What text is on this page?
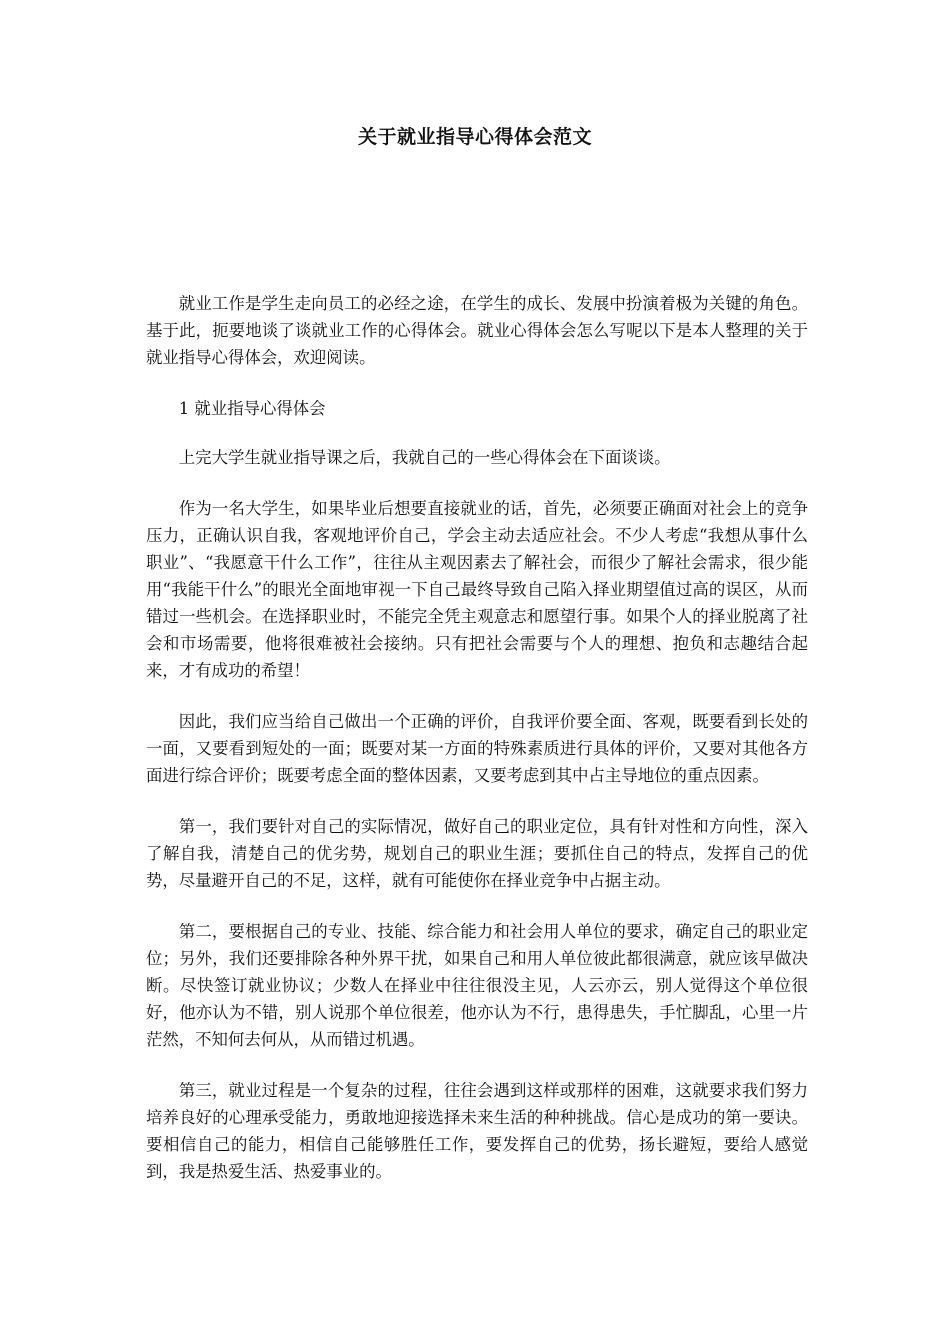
关于就业指导心得体会范文

就业工作是学生走向员工的必经之途，在学生的成长、发展中扮演着极为关键的角色。基于此，扼要地谈了谈就业工作的心得体会。就业心得体会怎么写呢以下是本人整理的关于就业指导心得体会，欢迎阅读。

1 就业指导心得体会

上完大学生就业指导课之后，我就自己的一些心得体会在下面谈谈。

作为一名大学生，如果毕业后想要直接就业的话，首先，必须要正确面对社会上的竞争压力，正确认识自我，客观地评价自己，学会主动去适应社会。不少人考虑“我想从事什么职业”、“我愿意干什么工作”，往往从主观因素去了解社会，而很少了解社会需求，很少能用“我能干什么”的眼光全面地审视一下自己最终导致自己陷入择业期望值过高的误区，从而错过一些机会。在选择职业时，不能完全凭主观意志和愿望行事。如果个人的择业脱离了社会和市场需要，他将很难被社会接纳。只有把社会需要与个人的理想、抱负和志趣结合起来，才有成功的希望！

因此，我们应当给自己做出一个正确的评价，自我评价要全面、客观，既要看到长处的一面，又要看到短处的一面；既要对某一方面的特殊素质进行具体的评价，又要对其他各方面进行综合评价；既要考虑全面的整体因素，又要考虑到其中占主导地位的重点因素。

第一，我们要针对自己的实际情况，做好自己的职业定位，具有针对性和方向性，深入了解自我，清楚自己的优劣势，规划自己的职业生涯；要抓住自己的特点，发挥自己的优势，尽量避开自己的不足，这样，就有可能使你在择业竞争中占据主动。

第二，要根据自己的专业、技能、综合能力和社会用人单位的要求，确定自己的职业定位；另外，我们还要排除各种外界干扰，如果自己和用人单位彼此都很满意，就应该早做决断。尽快签订就业协议；少数人在择业中往往很没主见，人云亦云，别人觉得这个单位很好，他亦认为不错，别人说那个单位很差，他亦认为不行，患得患失，手忙脚乱，心里一片茫然，不知何去何从，从而错过机遇。

第三，就业过程是一个复杂的过程，往往会遇到这样或那样的困难，这就要求我们努力培养良好的心理承受能力，勇敢地迎接选择未来生活的种种挑战。信心是成功的第一要诀。要相信自己的能力，相信自己能够胜任工作，要发挥自己的优势，扬长避短，要给人感觉到，我是热爱生活、热爱事业的。
